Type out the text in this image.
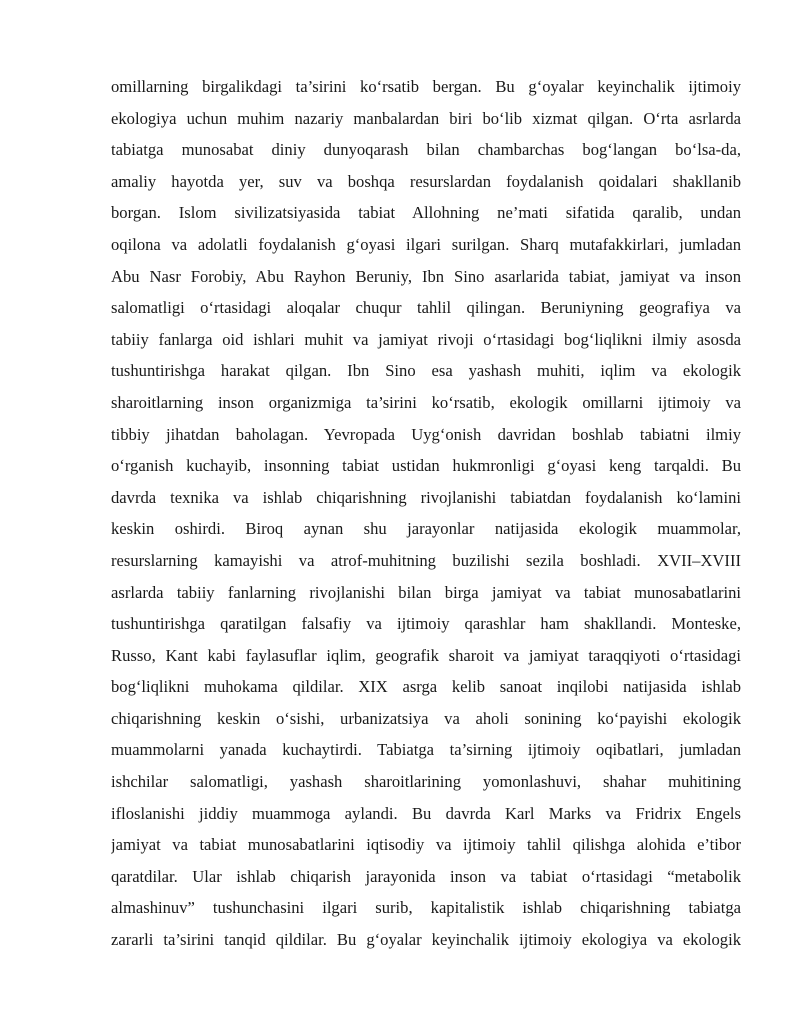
omillarning birgalikdagi ta’sirini ko‘rsatib bergan. Bu g‘oyalar keyinchalik ijtimoiy
ekologiya uchun muhim nazariy manbalardan biri bo‘lib xizmat qilgan. O‘rta asrlarda
tabiatga munosabat diniy dunyoqarash bilan chambarchas bog‘langan bo‘lsa-da,
amaliy hayotda yer, suv va boshqa resurslardan foydalanish qoidalari shakllanib
borgan. Islom sivilizatsiyasida tabiat Allohning ne’mati sifatida qaralib, undan
oqilona va adolatli foydalanish g‘oyasi ilgari surilgan. Sharq mutafakkirlari, jumladan
Abu Nasr Forobiy, Abu Rayhon Beruniy, Ibn Sino asarlarida tabiat, jamiyat va inson
salomatligi o‘rtasidagi aloqalar chuqur tahlil qilingan. Beruniyning geografiya va
tabiiy fanlarga oid ishlari muhit va jamiyat rivoji o‘rtasidagi bog‘liqlikni ilmiy asosda
tushuntirishga harakat qilgan. Ibn Sino esa yashash muhiti, iqlim va ekologik
sharoitlarning inson organizmiga ta’sirini ko‘rsatib, ekologik omillarni ijtimoiy va
tibbiy jihatdan baholagan. Yevropada Uyg‘onish davridan boshlab tabiatni ilmiy
o‘rganish kuchayib, insonning tabiat ustidan hukmronligi g‘oyasi keng tarqaldi. Bu
davrda texnika va ishlab chiqarishning rivojlanishi tabiatdan foydalanish ko‘lamini
keskin oshirdi. Biroq aynan shu jarayonlar natijasida ekologik muammolar,
resurslarning kamayishi va atrof-muhitning buzilishi sezila boshladi. XVII–XVIII
asrlarda tabiiy fanlarning rivojlanishi bilan birga jamiyat va tabiat munosabatlarini
tushuntirishga qaratilgan falsafiy va ijtimoiy qarashlar ham shakllandi. Monteske,
Russo, Kant kabi faylasuflar iqlim, geografik sharoit va jamiyat taraqqiyoti o‘rtasidagi
bog‘liqlikni muhokama qildilar. XIX asrga kelib sanoat inqilobi natijasida ishlab
chiqarishning keskin o‘sishi, urbanizatsiya va aholi sonining ko‘payishi ekologik
muammolarni yanada kuchaytirdi. Tabiatga ta’sirning ijtimoiy oqibatlari, jumladan
ishchilar salomatligi, yashash sharoitlarining yomonlashuvi, shahar muhitining
ifloslanishi jiddiy muammoga aylandi. Bu davrda Karl Marks va Fridrix Engels
jamiyat va tabiat munosabatlarini iqtisodiy va ijtimoiy tahlil qilishga alohida e’tibor
qaratdilar. Ular ishlab chiqarish jarayonida inson va tabiat o‘rtasidagi “metabolik
almashinuv” tushunchasini ilgari surib, kapitalistik ishlab chiqarishning tabiatga
zararli ta’sirini tanqid qildilar. Bu g‘oyalar keyinchalik ijtimoiy ekologiya va ekologik
